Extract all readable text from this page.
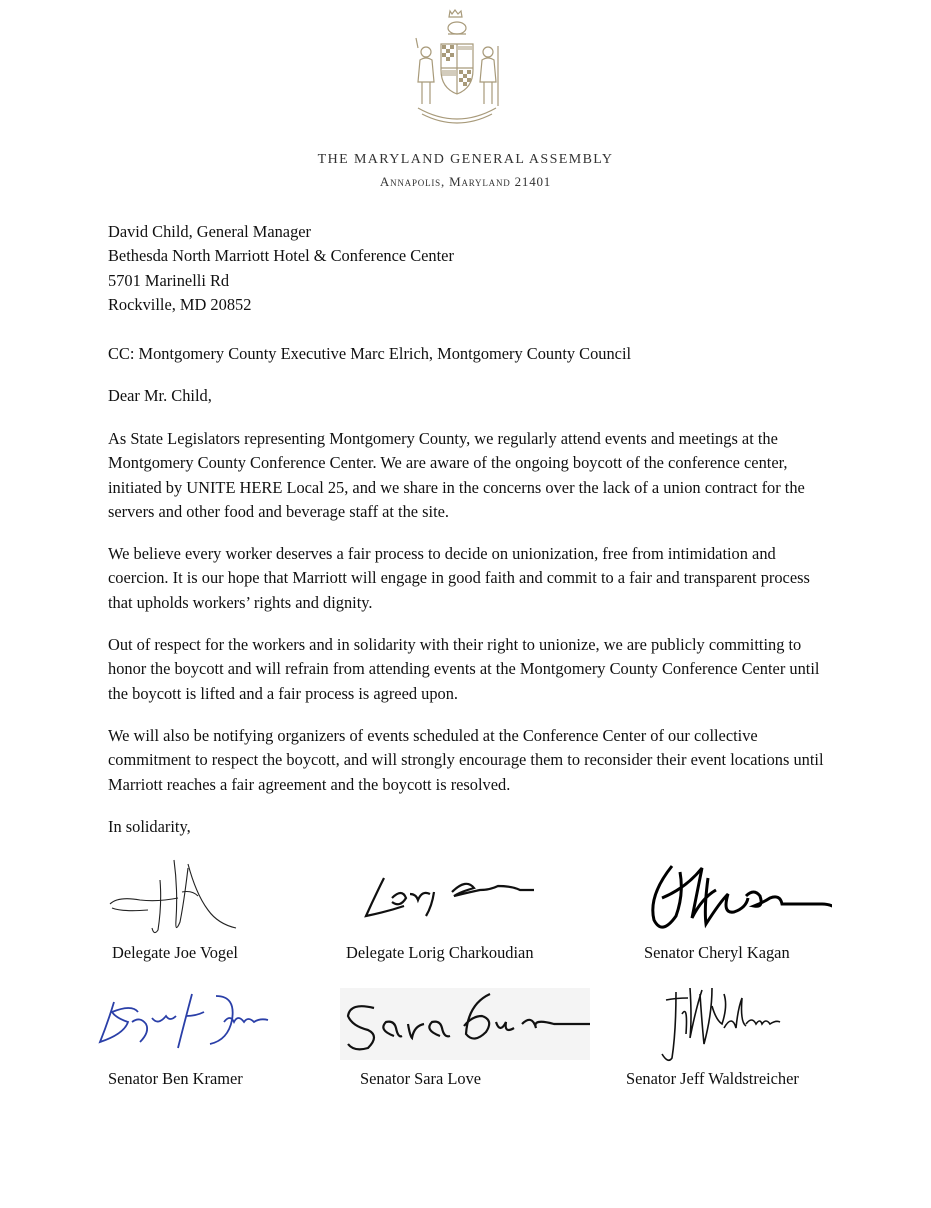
THE MARYLAND GENERAL ASSEMBLY
Annapolis, Maryland 21401
David Child, General Manager
Bethesda North Marriott Hotel & Conference Center
5701 Marinelli Rd
Rockville, MD 20852
CC: Montgomery County Executive Marc Elrich, Montgomery County Council
Dear Mr. Child,
As State Legislators representing Montgomery County, we regularly attend events and meetings at the Montgomery County Conference Center. We are aware of the ongoing boycott of the conference center, initiated by UNITE HERE Local 25, and we share in the concerns over the lack of a union contract for the servers and other food and beverage staff at the site.
We believe every worker deserves a fair process to decide on unionization, free from intimidation and coercion. It is our hope that Marriott will engage in good faith and commit to a fair and transparent process that upholds workers’ rights and dignity.
Out of respect for the workers and in solidarity with their right to unionize, we are publicly committing to honor the boycott and will refrain from attending events at the Montgomery County Conference Center until the boycott is lifted and a fair process is agreed upon.
We will also be notifying organizers of events scheduled at the Conference Center of our collective commitment to respect the boycott, and will strongly encourage them to reconsider their event locations until Marriott reaches a fair agreement and the boycott is resolved.
In solidarity,
Delegate Joe Vogel	Delegate Lorig Charkoudian	Senator Cheryl Kagan
Senator Ben Kramer	Senator Sara Love	Senator Jeff Waldstreicher
